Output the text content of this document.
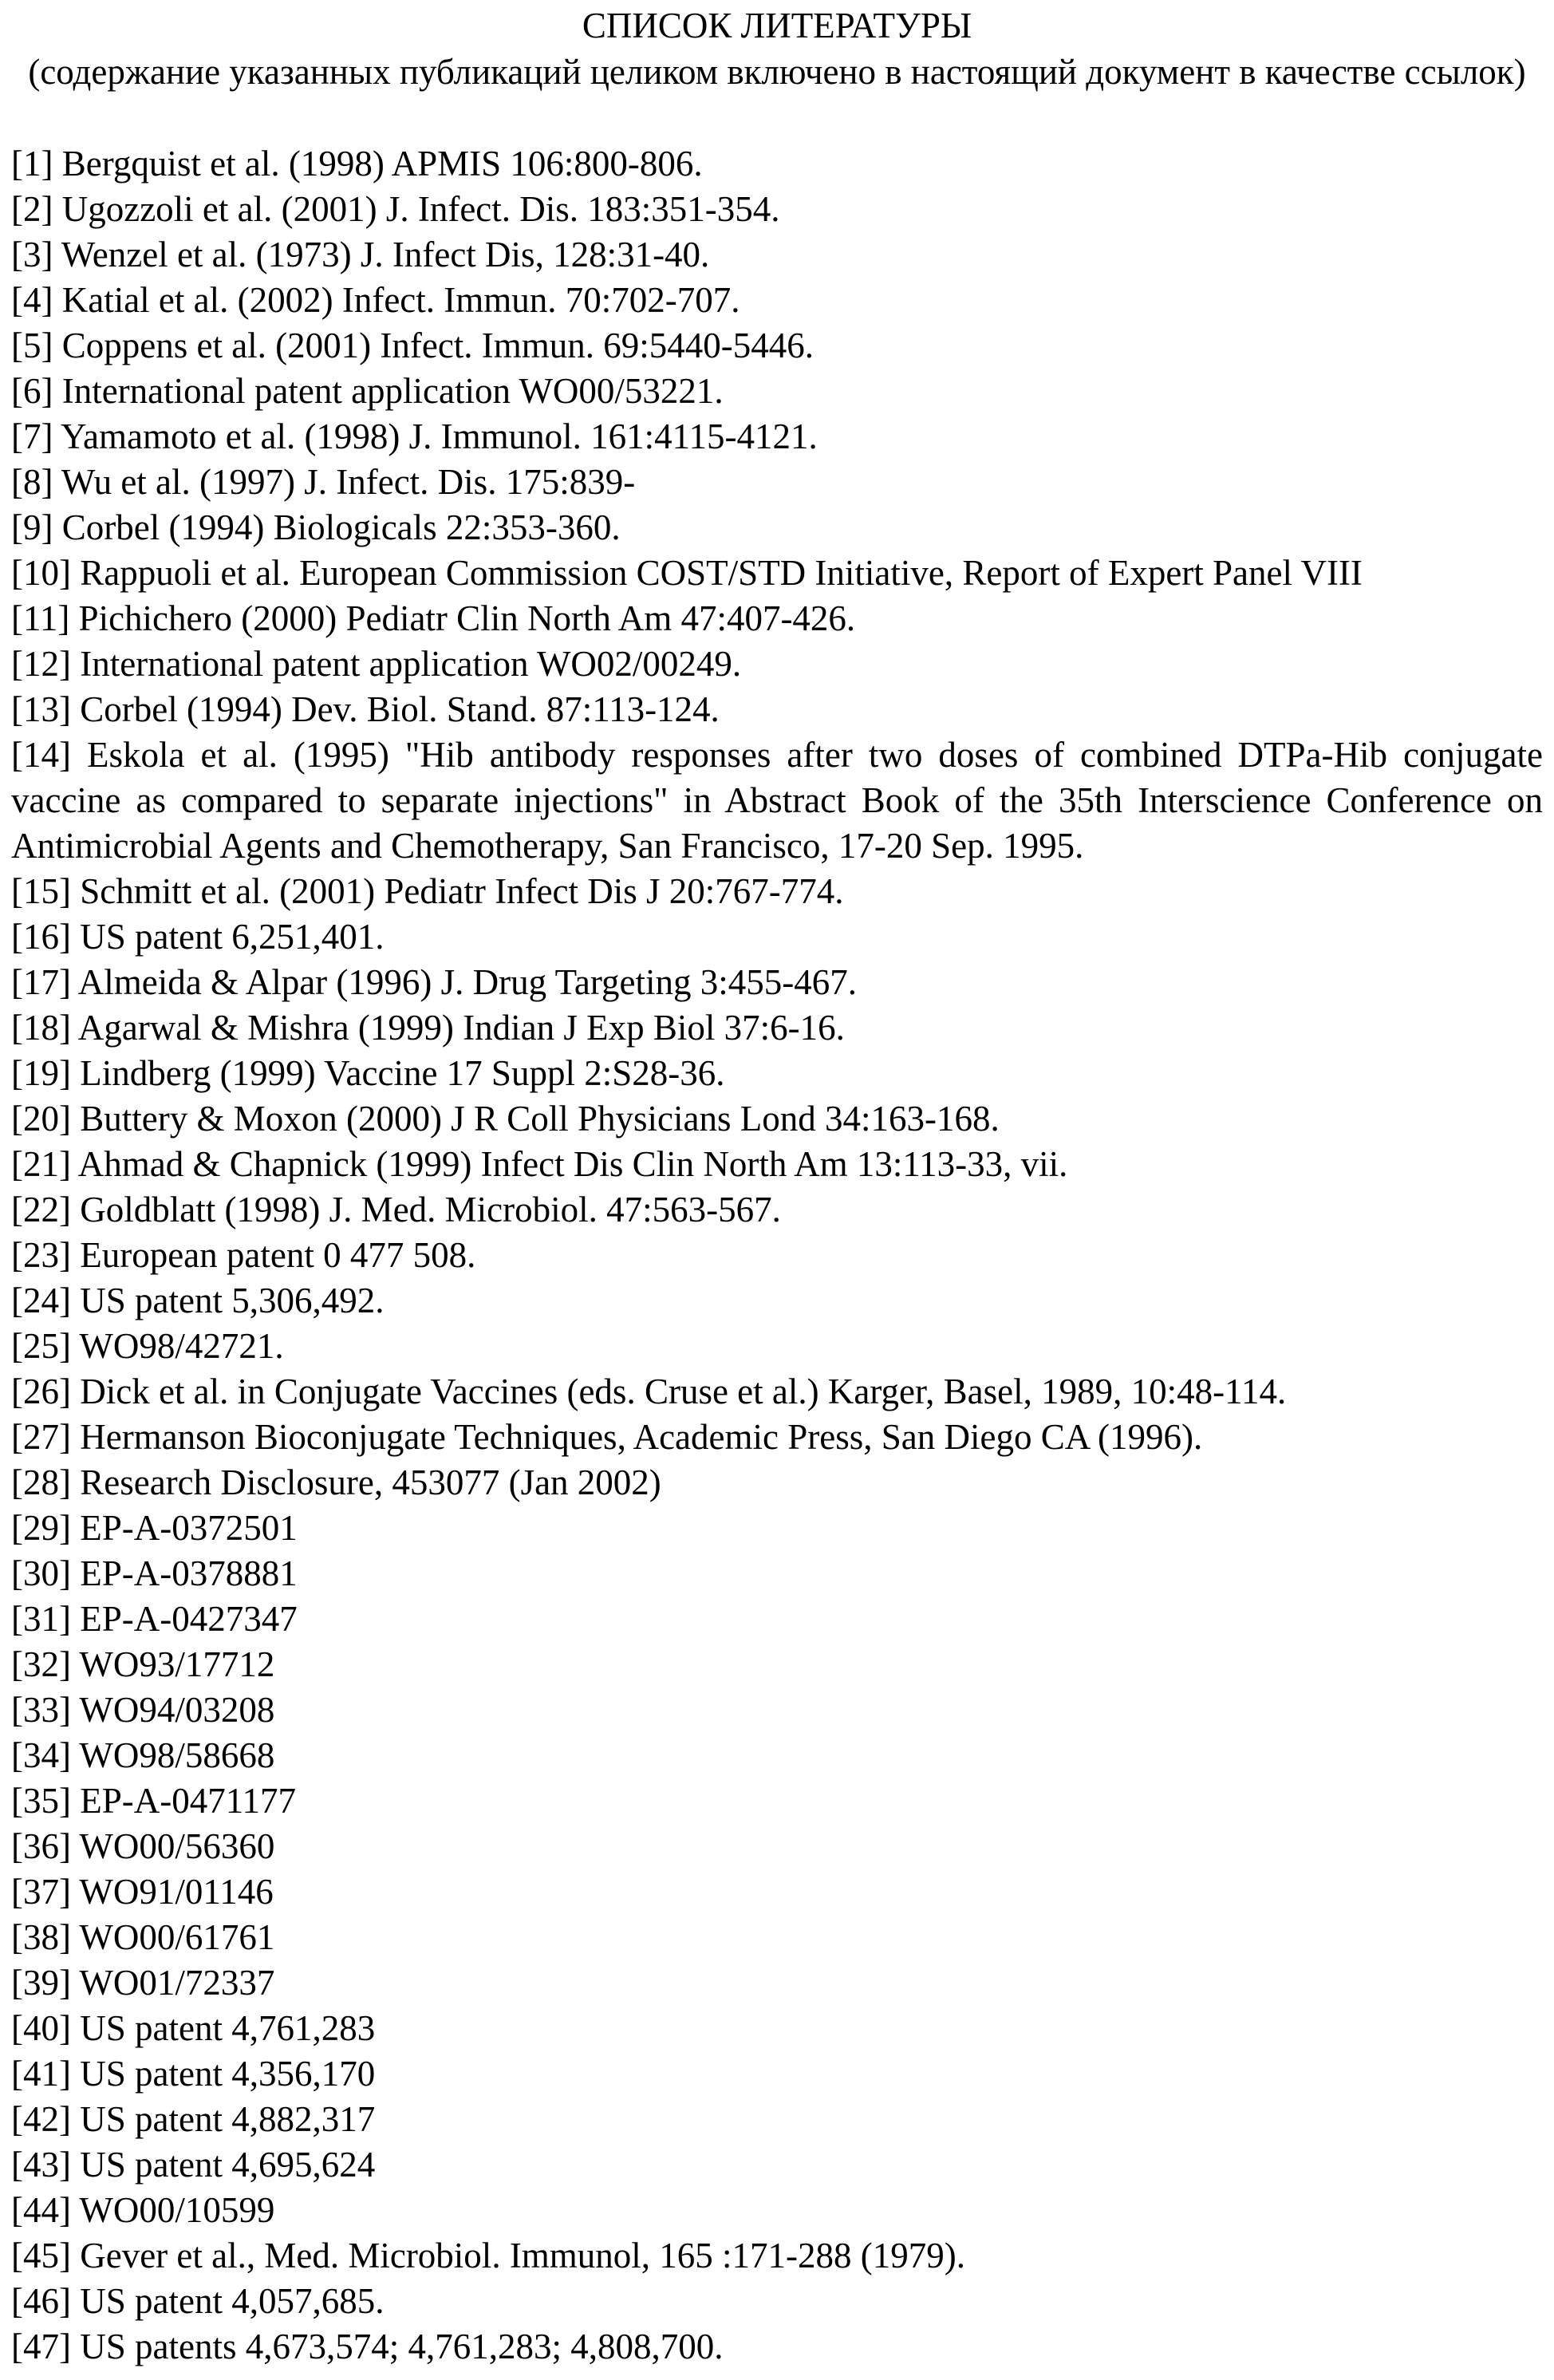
СПИСОК ЛИТЕРАТУРЫ
(содержание указанных публикаций целиком включено в настоящий документ в качестве ссылок)
[1] Bergquist et al. (1998) APMIS 106:800-806.
[2] Ugozzoli et al. (2001) J. Infect. Dis. 183:351-354.
[3] Wenzel et al. (1973) J. Infect Dis, 128:31-40.
[4] Katial et al. (2002) Infect. Immun. 70:702-707.
[5] Coppens et al. (2001) Infect. Immun. 69:5440-5446.
[6] International patent application WO00/53221.
[7] Yamamoto et al. (1998) J. Immunol. 161:4115-4121.
[8] Wu et al. (1997) J. Infect. Dis. 175:839-
[9] Corbel (1994) Biologicals 22:353-360.
[10] Rappuoli et al. European Commission COST/STD Initiative, Report of Expert Panel VIII
[11] Pichichero (2000) Pediatr Clin North Am 47:407-426.
[12] International patent application WO02/00249.
[13] Corbel (1994) Dev. Biol. Stand. 87:113-124.
[14] Eskola et al. (1995) "Hib antibody responses after two doses of combined DTPa-Hib conjugate vaccine as compared to separate injections" in Abstract Book of the 35th Interscience Conference on Antimicrobial Agents and Chemotherapy, San Francisco, 17-20 Sep. 1995.
[15] Schmitt et al. (2001) Pediatr Infect Dis J 20:767-774.
[16] US patent 6,251,401.
[17] Almeida & Alpar (1996) J. Drug Targeting 3:455-467.
[18] Agarwal & Mishra (1999) Indian J Exp Biol 37:6-16.
[19] Lindberg (1999) Vaccine 17 Suppl 2:S28-36.
[20] Buttery & Moxon (2000) J R Coll Physicians Lond 34:163-168.
[21] Ahmad & Chapnick (1999) Infect Dis Clin North Am 13:113-33, vii.
[22] Goldblatt (1998) J. Med. Microbiol. 47:563-567.
[23] European patent 0 477 508.
[24] US patent 5,306,492.
[25] WO98/42721.
[26] Dick et al. in Conjugate Vaccines (eds. Cruse et al.) Karger, Basel, 1989, 10:48-114.
[27] Hermanson Bioconjugate Techniques, Academic Press, San Diego CA (1996).
[28] Research Disclosure, 453077 (Jan 2002)
[29] EP-A-0372501
[30] EP-A-0378881
[31] EP-A-0427347
[32] WO93/17712
[33] WO94/03208
[34] WO98/58668
[35] EP-A-0471177
[36] WO00/56360
[37] WO91/01146
[38] WO00/61761
[39] WO01/72337
[40] US patent 4,761,283
[41] US patent 4,356,170
[42] US patent 4,882,317
[43] US patent 4,695,624
[44] WO00/10599
[45] Gever et al., Med. Microbiol. Immunol, 165 :171-288 (1979).
[46] US patent 4,057,685.
[47] US patents 4,673,574; 4,761,283; 4,808,700.
